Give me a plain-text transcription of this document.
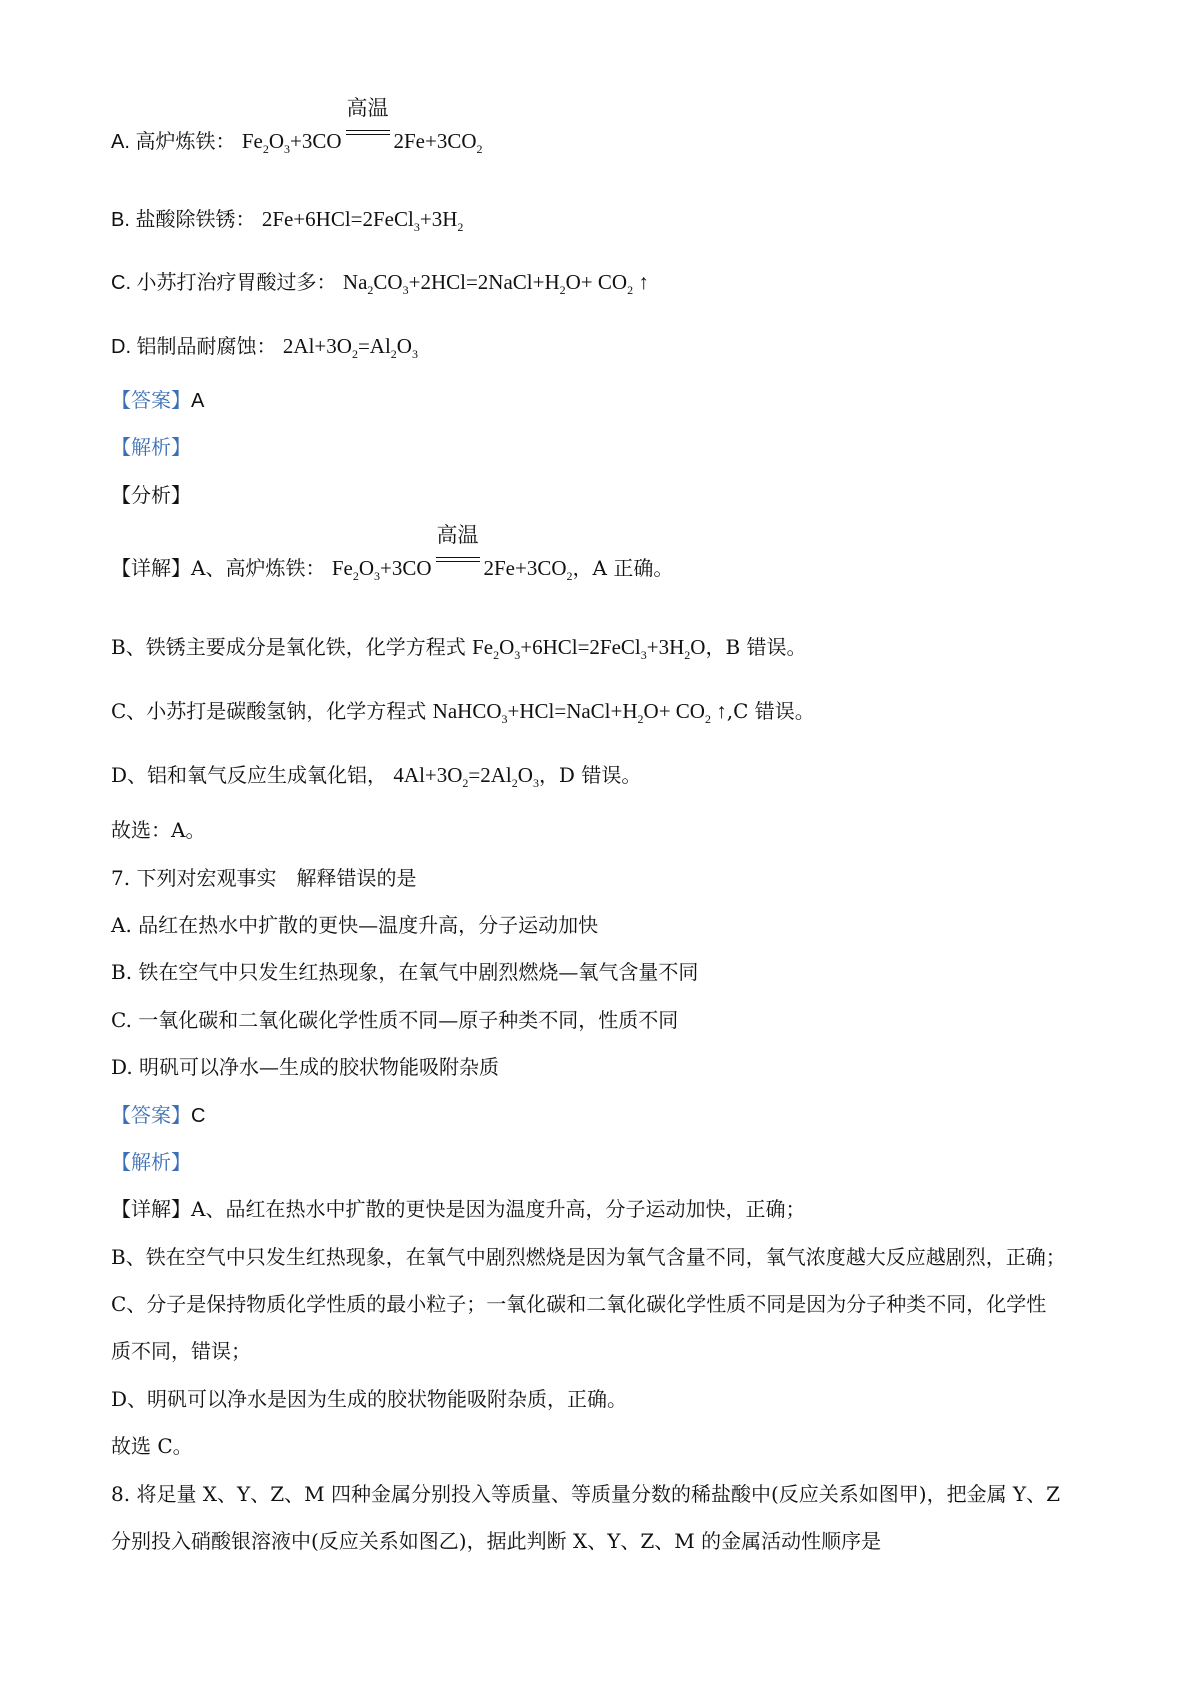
A. 高炉炼铁： $Fe_2O_3+3CO$
高温
$2Fe+3CO_2$
B. 盐酸除铁锈： $2Fe+6HCl=2FeCl_3+3H_2$
C. 小苏打治疗胃酸过多： $Na_2CO_3+2HCl=2NaCl+H_2O+ CO_2$ ↑
D. 铝制品耐腐蚀： $2Al+3O_2=Al_2O_3$
【答案】A
【解析】
【分析】
【详解】A、高炉炼铁： $Fe_2O_3+3CO$
高温
$2Fe+3CO_2$，A 正确。
B、铁锈主要成分是氧化铁，化学方程式 $Fe_2O_3+6HCl=2FeCl_3+3H_2O$，B 错误。
C、小苏打是碳酸氢钠，化学方程式 $NaHCO_3+HCl=NaCl+H_2O+ CO_2$ ↑,C 错误。
D、铝和氧气反应生成氧化铝， $4Al+3O_2=2Al_2O_3$，D 错误。
故选：A。
7. 下列对宏观事实　解释错误的是
A. 品红在热水中扩散的更快—温度升高，分子运动加快
B. 铁在空气中只发生红热现象，在氧气中剧烈燃烧—氧气含量不同
C. 一氧化碳和二氧化碳化学性质不同—原子种类不同，性质不同
D. 明矾可以净水—生成的胶状物能吸附杂质
【答案】C
【解析】
【详解】A、品红在热水中扩散的更快是因为温度升高，分子运动加快，正确；
B、铁在空气中只发生红热现象，在氧气中剧烈燃烧是因为氧气含量不同，氧气浓度越大反应越剧烈，正确；
C、分子是保持物质化学性质的最小粒子；一氧化碳和二氧化碳化学性质不同是因为分子种类不同，化学性
质不同，错误；
D、明矾可以净水是因为生成的胶状物能吸附杂质，正确。
故选 C。
8. 将足量 X、Y、Z、M 四种金属分别投入等质量、等质量分数的稀盐酸中(反应关系如图甲)，把金属 Y、Z
分别投入硝酸银溶液中(反应关系如图乙)，据此判断 X、Y、Z、M 的金属活动性顺序是
